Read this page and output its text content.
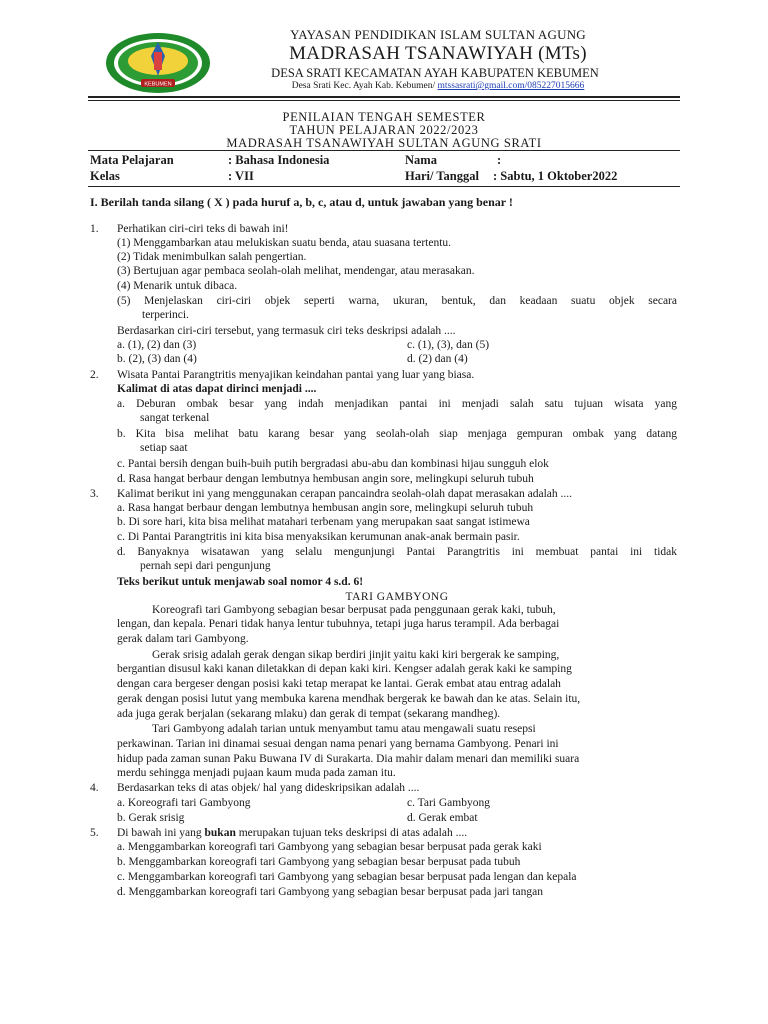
KEBUMEN
YAYASAN PENDIDIKAN ISLAM SULTAN AGUNG
MADRASAH TSANAWIYAH (MTs)
DESA SRATI KECAMATAN AYAH KABUPATEN KEBUMEN
Desa Srati Kec. Ayah Kab. Kebumen/ mtssasrati@gmail.com/085227015666
PENILAIAN TENGAH SEMESTER
TAHUN PELAJARAN 2022/2023
MADRASAH TSANAWIYAH SULTAN AGUNG SRATI
Mata Pelajaran	: Bahasa Indonesia	Nama	:
Kelas	: VII	Hari/ Tanggal : Sabtu, 1 Oktober2022
I. Berilah tanda silang ( X ) pada huruf a, b, c, atau d, untuk jawaban yang benar !
1. Perhatikan ciri-ciri teks di bawah ini!
(1) Menggambarkan atau melukiskan suatu benda, atau suasana tertentu.
(2) Tidak menimbulkan salah pengertian.
(3) Bertujuan agar pembaca seolah-olah melihat, mendengar, atau merasakan.
(4) Menarik untuk dibaca.
(5) Menjelaskan ciri-ciri objek seperti warna, ukuran, bentuk, dan keadaan suatu objek secara
terperinci.
Berdasarkan ciri-ciri tersebut, yang termasuk ciri teks deskripsi adalah ....
a. (1), (2) dan (3)	c. (1), (3), dan (5)
b. (2), (3) dan (4)	d. (2) dan (4)
2. Wisata Pantai Parangtritis menyajikan keindahan pantai yang luar yang biasa.
Kalimat di atas dapat dirinci menjadi ....
a. Deburan ombak besar yang indah menjadikan pantai ini menjadi salah satu tujuan wisata yang
sangat terkenal
b. Kita bisa melihat batu karang besar yang seolah-olah siap menjaga gempuran ombak yang datang
setiap saat
c. Pantai bersih dengan buih-buih putih bergradasi abu-abu dan kombinasi hijau sungguh elok
d. Rasa hangat berbaur dengan lembutnya hembusan angin sore, melingkupi seluruh tubuh
3. Kalimat berikut ini yang menggunakan cerapan pancaindra seolah-olah dapat merasakan adalah ....
a. Rasa hangat berbaur dengan lembutnya hembusan angin sore, melingkupi seluruh tubuh
b. Di sore hari, kita bisa melihat matahari terbenam yang merupakan saat sangat istimewa
c. Di Pantai Parangtritis ini kita bisa menyaksikan kerumunan anak-anak bermain pasir.
d. Banyaknya wisatawan yang selalu mengunjungi Pantai Parangtritis ini membuat pantai ini tidak
pernah sepi dari pengunjung
Teks berikut untuk menjawab soal nomor 4 s.d. 6!
TARI GAMBYONG
Koreografi tari Gambyong sebagian besar berpusat pada penggunaan gerak kaki, tubuh,
lengan, dan kepala. Penari tidak hanya lentur tubuhnya, tetapi juga harus terampil. Ada berbagai
gerak dalam tari Gambyong.
Gerak srisig adalah gerak dengan sikap berdiri jinjit yaitu kaki kiri bergerak ke samping,
bergantian disusul kaki kanan diletakkan di depan kaki kiri. Kengser adalah gerak kaki ke samping
dengan cara bergeser dengan posisi kaki tetap merapat ke lantai. Gerak embat atau entrag adalah
gerak dengan posisi lutut yang membuka karena mendhak bergerak ke bawah dan ke atas. Selain itu,
ada juga gerak berjalan (sekarang mlaku) dan gerak di tempat (sekarang mandheg).
Tari Gambyong adalah tarian untuk menyambut tamu atau mengawali suatu resepsi
perkawinan. Tarian ini dinamai sesuai dengan nama penari yang bernama Gambyong. Penari ini
hidup pada zaman sunan Paku Buwana IV di Surakarta. Dia mahir dalam menari dan memiliki suara
merdu sehingga menjadi pujaan kaum muda pada zaman itu.
4. Berdasarkan teks di atas objek/ hal yang dideskripsikan adalah ....
a. Koreografi tari Gambyong	c. Tari Gambyong
b. Gerak srisig	d. Gerak embat
5. Di bawah ini yang bukan merupakan tujuan teks deskripsi di atas adalah ....
a. Menggambarkan koreografi tari Gambyong yang sebagian besar berpusat pada gerak kaki
b. Menggambarkan koreografi tari Gambyong yang sebagian besar berpusat pada tubuh
c. Menggambarkan koreografi tari Gambyong yang sebagian besar berpusat pada lengan dan kepala
d. Menggambarkan koreografi tari Gambyong yang sebagian besar berpusat pada jari tangan
